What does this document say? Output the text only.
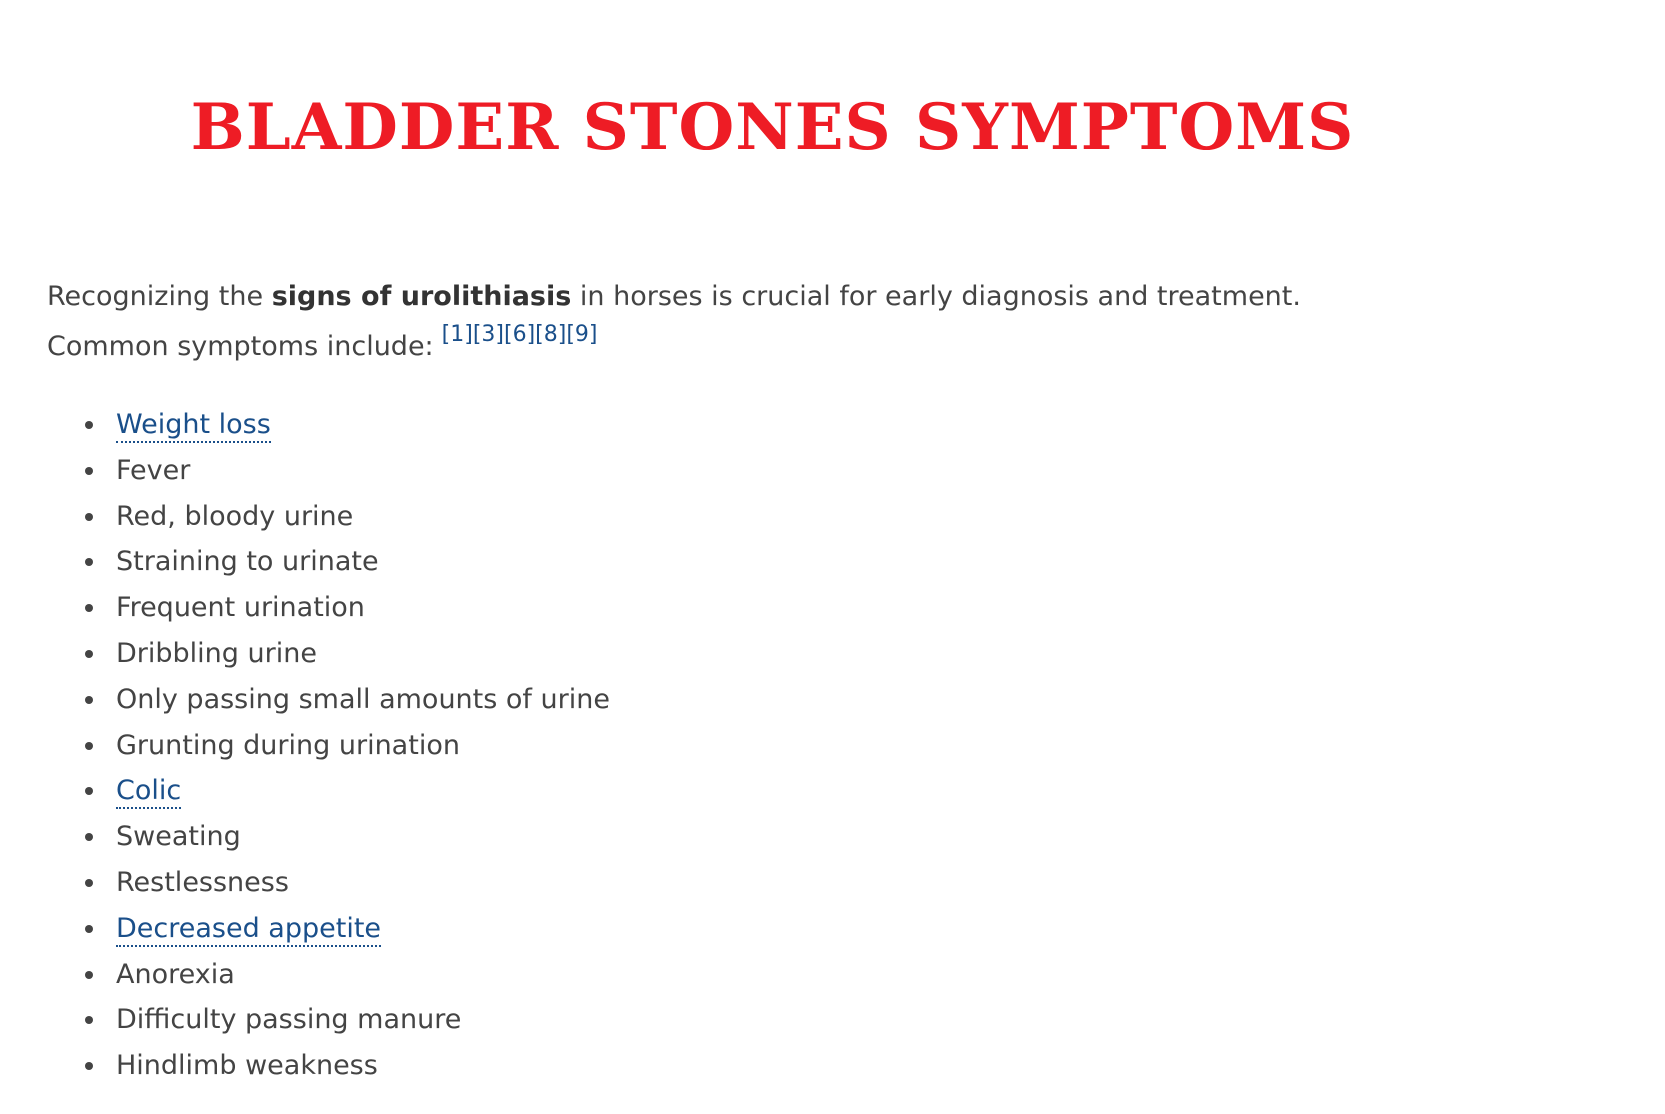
BLADDER STONES SYMPTOMS

Recognizing the signs of urolithiasis in horses is crucial for early diagnosis and treatment. Common symptoms include: [1][3][6][8][9]

Weight loss
Fever
Red, bloody urine
Straining to urinate
Frequent urination
Dribbling urine
Only passing small amounts of urine
Grunting during urination
Colic
Sweating
Restlessness
Decreased appetite
Anorexia
Difficulty passing manure
Hindlimb weakness
